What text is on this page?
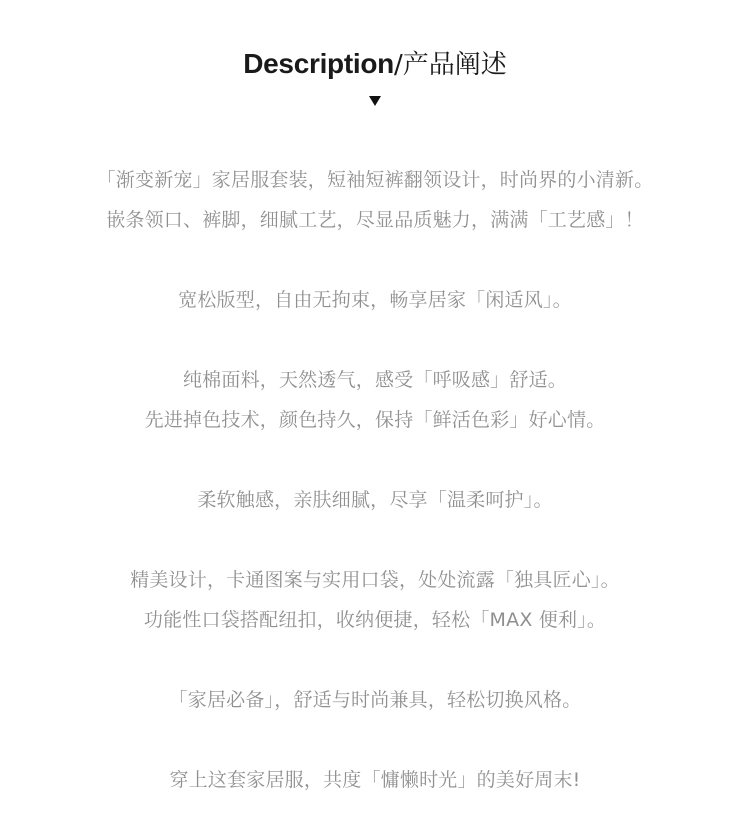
Description/产品阐述
「渐变新宠」家居服套装，短袖短裤翻领设计，时尚界的小清新。
嵌条领口、裤脚，细腻工艺，尽显品质魅力，满满「工艺感」！
宽松版型，自由无拘束，畅享居家「闲适风」。
纯棉面料，天然透气，感受「呼吸感」舒适。
先进掉色技术，颜色持久，保持「鲜活色彩」好心情。
柔软触感，亲肤细腻，尽享「温柔呵护」。
精美设计，卡通图案与实用口袋，处处流露「独具匠心」。
功能性口袋搭配纽扣，收纳便捷，轻松「MAX 便利」。
「家居必备」，舒适与时尚兼具，轻松切换风格。
穿上这套家居服，共度「慵懒时光」的美好周末!
